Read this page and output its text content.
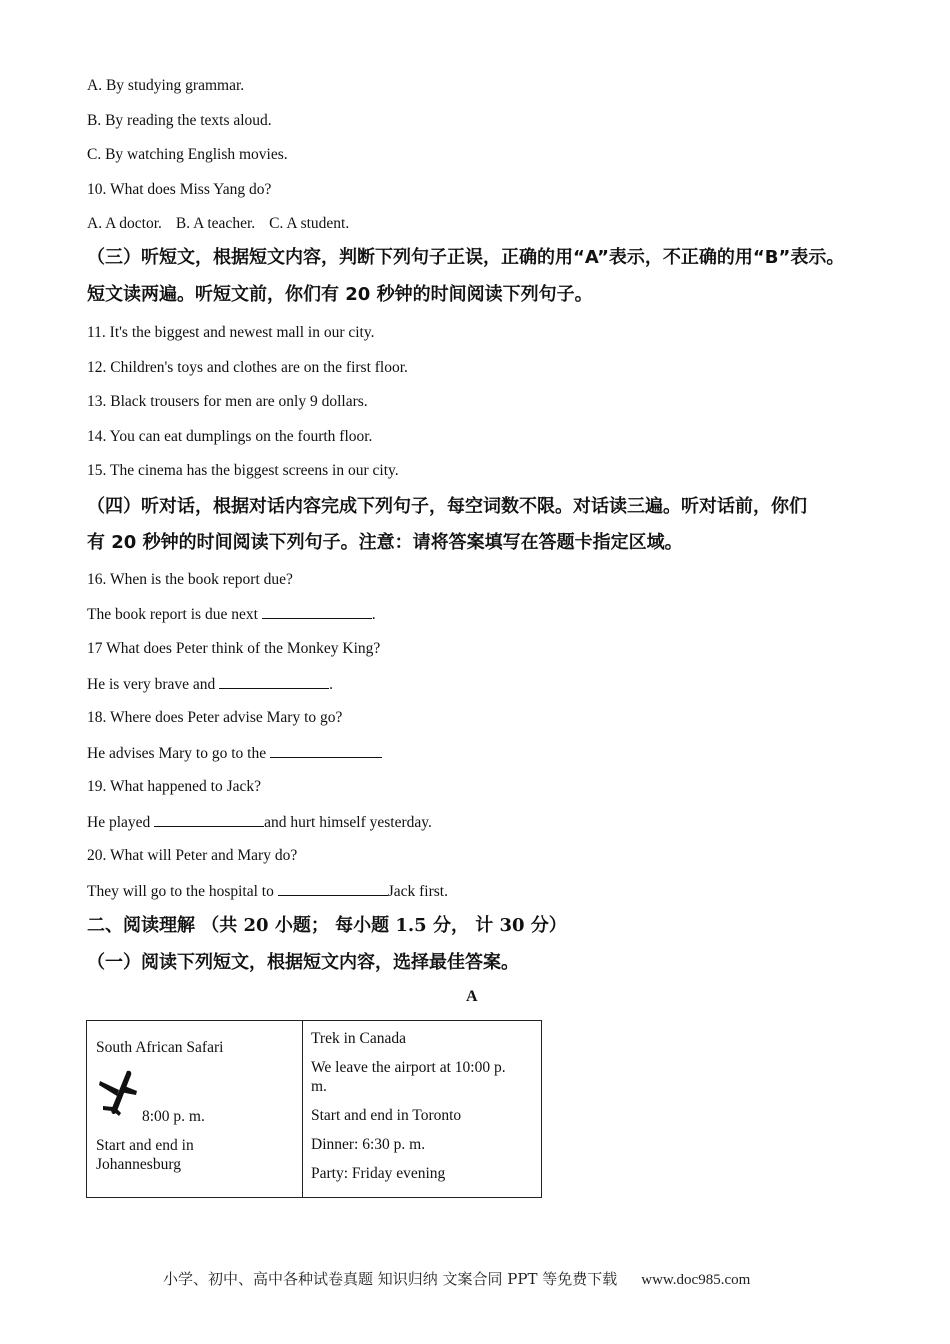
A. By studying grammar.
B. By reading the texts aloud.
C. By watching English movies.
10. What does Miss Yang do?
A. A doctor. B. A teacher. C. A student.
（三）听短文，根据短文内容，判断下列句子正误，正确的用“A”表示，不正确的用“B”表示。
短文读两遍。听短文前，你们有 20 秒钟的时间阅读下列句子。
11. It's the biggest and newest mall in our city.
12. Children's toys and clothes are on the first floor.
13. Black trousers for men are only 9 dollars.
14. You can eat dumplings on the fourth floor.
15. The cinema has the biggest screens in our city.
（四）听对话，根据对话内容完成下列句子，每空词数不限。对话读三遍。听对话前，你们
有 20 秒钟的时间阅读下列句子。注意：请将答案填写在答题卡指定区域。
16. When is the book report due?
The book report is due next	.
17 What does Peter think of the Monkey King?
He is very brave and	.
18. Where does Peter advise Mary to go?
He advises Mary to go to the
19. What happened to Jack?
He played	and hurt himself yesterday.
20. What will Peter and Mary do?
They will go to the hospital to	Jack first.
二、阅读理解 （共 20 小题； 每小题 1.5 分， 计 30 分）
（一）阅读下列短文，根据短文内容，选择最佳答案。
A
South African Safari
8:00 p. m.
Start and end in
Johannesburg
Trek in Canada
We leave the airport at 10:00 p.
m.
Start and end in Toronto
Dinner: 6:30 p. m.
Party: Friday evening
小学、初中、高中各种试卷真题 知识归纳 文案合同 PPT 等免费下载 www.doc985.com
